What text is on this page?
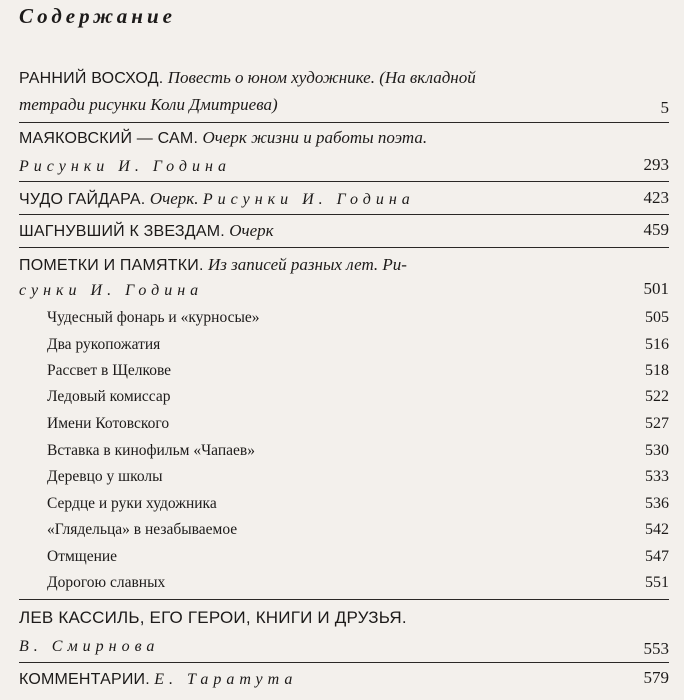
Содержание
РАННИЙ ВОСХОД. Повесть о юном художнике. (На вкладной
тетради рисунки Коли Дмитриева)	5
МАЯКОВСКИЙ — САМ. Очерк жизни и работы поэта.
Рисунки И. Година	293
ЧУДО ГАЙДАРА. Очерк. Рисунки И. Година	423
ШАГНУВШИЙ К ЗВЕЗДАМ. Очерк	459
ПОМЕТКИ И ПАМЯТКИ. Из записей разных лет. Ри-
сунки И. Година	501
Чудесный фонарь и «курносые»	505
Два рукопожатия	516
Рассвет в Щелкове	518
Ледовый комиссар	522
Имени Котовского	527
Вставка в кинофильм «Чапаев»	530
Деревцо у школы	533
Сердце и руки художника	536
«Глядельца» в незабываемое	542
Отмщение	547
Дорогою славных	551
ЛЕВ КАССИЛЬ, ЕГО ГЕРОИ, КНИГИ И ДРУЗЬЯ.
В. Смирнова	553
КОММЕНТАРИИ. Е. Таратута	579
